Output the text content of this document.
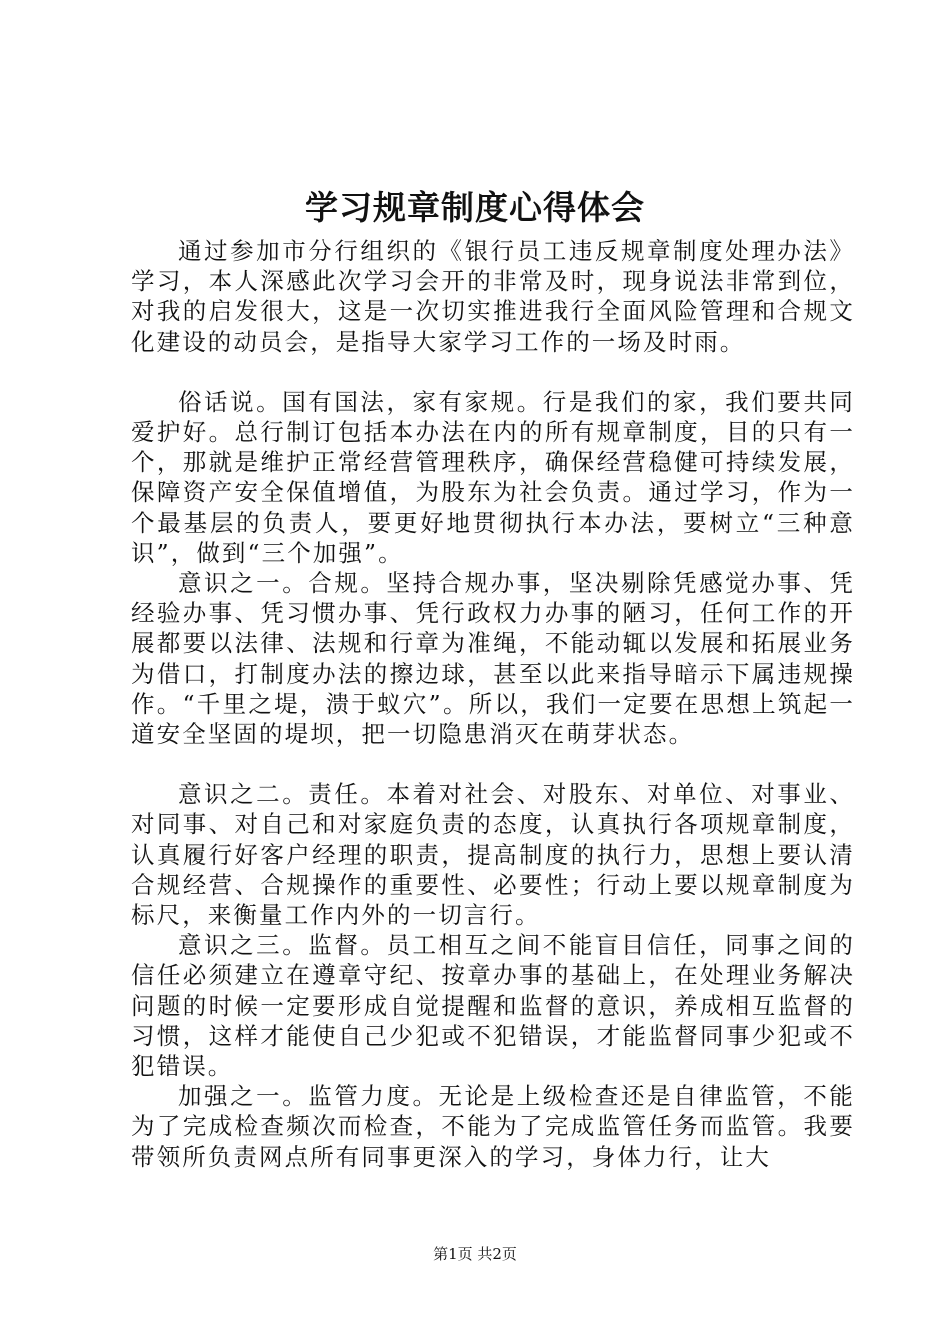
学习规章制度心得体会

通过参加市分行组织的《银行员工违反规章制度处理办法》学习，本人深感此次学习会开的非常及时，现身说法非常到位，对我的启发很大，这是一次切实推进我行全面风险管理和合规文化建设的动员会，是指导大家学习工作的一场及时雨。

俗话说。国有国法，家有家规。行是我们的家，我们要共同爱护好。总行制订包括本办法在内的所有规章制度，目的只有一个，那就是维护正常经营管理秩序，确保经营稳健可持续发展，保障资产安全保值增值，为股东为社会负责。通过学习，作为一个最基层的负责人，要更好地贯彻执行本办法，要树立“三种意识”，做到“三个加强”。

意识之一。合规。坚持合规办事，坚决剔除凭感觉办事、凭经验办事、凭习惯办事、凭行政权力办事的陋习，任何工作的开展都要以法律、法规和行章为准绳，不能动辄以发展和拓展业务为借口，打制度办法的擦边球，甚至以此来指导暗示下属违规操作。“千里之堤，溃于蚁穴”。所以，我们一定要在思想上筑起一道安全坚固的堤坝，把一切隐患消灭在萌芽状态。

意识之二。责任。本着对社会、对股东、对单位、对事业、对同事、对自己和对家庭负责的态度，认真执行各项规章制度，认真履行好客户经理的职责，提高制度的执行力，思想上要认清合规经营、合规操作的重要性、必要性；行动上要以规章制度为标尺，来衡量工作内外的一切言行。

意识之三。监督。员工相互之间不能盲目信任，同事之间的信任必须建立在遵章守纪、按章办事的基础上，在处理业务解决问题的时候一定要形成自觉提醒和监督的意识，养成相互监督的习惯，这样才能使自己少犯或不犯错误，才能监督同事少犯或不犯错误。

加强之一。监管力度。无论是上级检查还是自律监管，不能为了完成检查频次而检查，不能为了完成监管任务而监管。我要带领所负责网点所有同事更深入的学习，身体力行，让大

第1页 共2页
